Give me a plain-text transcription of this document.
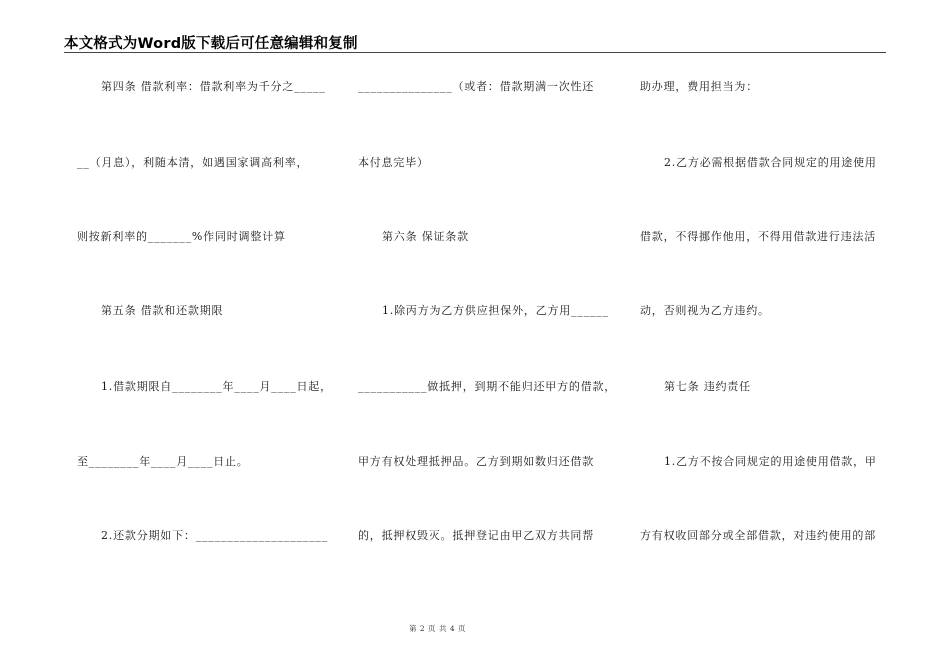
本文格式为Word版下载后可任意编辑和复制
第四条 借款利率：借款利率为千分之_____
__（月息），利随本清，如遇国家调高利率，
则按新利率的_______%作同时调整计算
第五条 借款和还款期限
1.借款期限自________年____月____日起，
至________年____月____日止。
2.还款分期如下：_____________________
_______________（或者：借款期满一次性还
本付息完毕）
第六条 保证条款
1.除丙方为乙方供应担保外，乙方用______
___________做抵押，到期不能归还甲方的借款，
甲方有权处理抵押品。乙方到期如数归还借款
的，抵押权毁灭。抵押登记由甲乙双方共同帮
助办理，费用担当为：
2.乙方必需根据借款合同规定的用途使用
借款，不得挪作他用，不得用借款进行违法活
动，否则视为乙方违约。
第七条 违约责任
1.乙方不按合同规定的用途使用借款，甲
方有权收回部分或全部借款，对违约使用的部
第 2 页 共 4 页
